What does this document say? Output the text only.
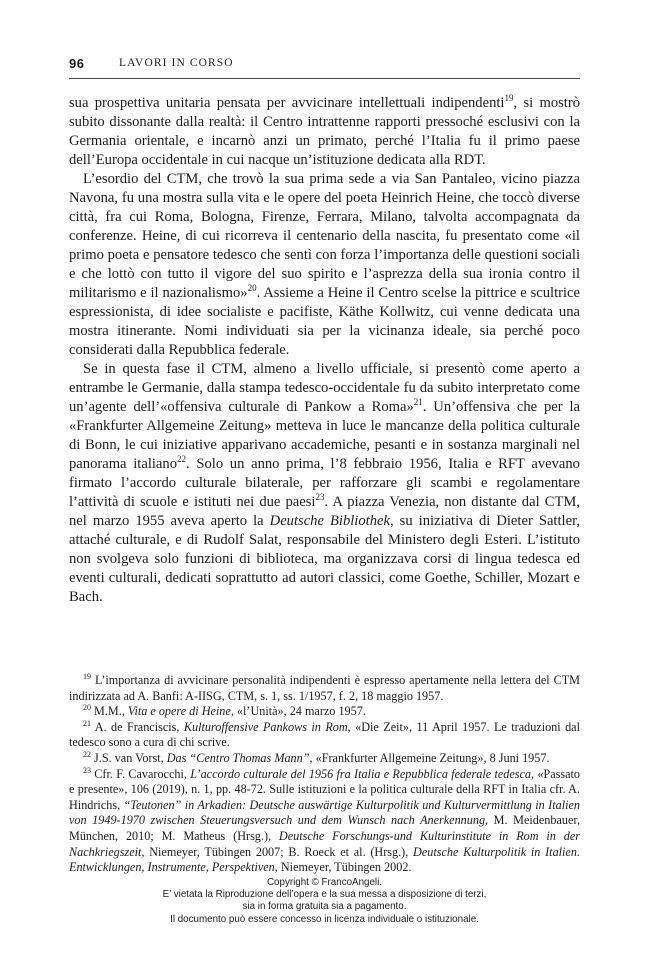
96	LAVORI IN CORSO

sua prospettiva unitaria pensata per avvicinare intellettuali indipendenti$^{19}$, si mostrò subito dissonante dalla realtà: il Centro intrattenne rapporti pressoché esclusivi con la Germania orientale, e incarnò anzi un primato, perché l’Italia fu il primo paese dell’Europa occidentale in cui nacque un’istituzione dedicata alla RDT.

L’esordio del CTM, che trovò la sua prima sede a via San Pantaleo, vicino piazza Navona, fu una mostra sulla vita e le opere del poeta Heinrich Heine, che toccò diverse città, fra cui Roma, Bologna, Firenze, Ferrara, Milano, talvolta accompagnata da conferenze. Heine, di cui ricorreva il centenario della nascita, fu presentato come «il primo poeta e pensatore tedesco che sentì con forza l’importanza delle questioni sociali e che lottò con tutto il vigore del suo spirito e l’asprezza della sua ironia contro il militarismo e il nazionalismo»$^{20}$. Assieme a Heine il Centro scelse la pittrice e scultrice espressionista, di idee socialiste e pacifiste, Käthe Kollwitz, cui venne dedicata una mostra itinerante. Nomi individuati sia per la vicinanza ideale, sia perché poco considerati dalla Repubblica federale.

Se in questa fase il CTM, almeno a livello ufficiale, si presentò come aperto a entrambe le Germanie, dalla stampa tedesco-occidentale fu da subito interpretato come un’agente dell’«offensiva culturale di Pankow a Roma»$^{21}$. Un’offensiva che per la «Frankfurter Allgemeine Zeitung» metteva in luce le mancanze della politica culturale di Bonn, le cui iniziative apparivano accademiche, pesanti e in sostanza marginali nel panorama italiano$^{22}$. Solo un anno prima, l’8 febbraio 1956, Italia e RFT avevano firmato l’accordo culturale bilaterale, per rafforzare gli scambi e regolamentare l’attività di scuole e istituti nei due paesi$^{23}$. A piazza Venezia, non distante dal CTM, nel marzo 1955 aveva aperto la Deutsche Bibliothek, su iniziativa di Dieter Sattler, attaché culturale, e di Rudolf Salat, responsabile del Ministero degli Esteri. L’istituto non svolgeva solo funzioni di biblioteca, ma organizzava corsi di lingua tedesca ed eventi culturali, dedicati soprattutto ad autori classici, come Goethe, Schiller, Mozart e Bach.

$^{19}$ L’importanza di avvicinare personalità indipendenti è espresso apertamente nella lettera del CTM indirizzata ad A. Banfi: A-IISG, CTM, s. 1, ss. 1/1957, f. 2, 18 maggio 1957.

$^{20}$ M.M., Vita e opere di Heine, «l’Unità», 24 marzo 1957.

$^{21}$ A. de Franciscis, Kulturoffensive Pankows in Rom, «Die Zeit», 11 April 1957. Le traduzioni dal tedesco sono a cura di chi scrive.

$^{22}$ J.S. van Vorst, Das “Centro Thomas Mann”, «Frankfurter Allgemeine Zeitung», 8 Juni 1957.

$^{23}$ Cfr. F. Cavarocchi, L’accordo culturale del 1956 fra Italia e Repubblica federale tedesca, «Passato e presente», 106 (2019), n. 1, pp. 48-72. Sulle istituzioni e la politica culturale della RFT in Italia cfr. A. Hindrichs, “Teutonen” in Arkadien: Deutsche auswärtige Kulturpolitik und Kulturvermittlung in Italien von 1949-1970 zwischen Steuerungsversuch und dem Wunsch nach Anerkennung, M. Meidenbauer, München, 2010; M. Matheus (Hrsg.), Deutsche Forschungs-und Kulturinstitute in Rom in der Nachkriegszeit, Niemeyer, Tübingen 2007; B. Roeck et al. (Hrsg.), Deutsche Kulturpolitik in Italien. Entwicklungen, Instrumente, Perspektiven, Niemeyer, Tübingen 2002.

Copyright © FrancoAngeli.

E’ vietata la Riproduzione dell’opera e la sua messa a disposizione di terzi,

sia in forma gratuita sia a pagamento.

Il documento può essere concesso in licenza individuale o istituzionale.
